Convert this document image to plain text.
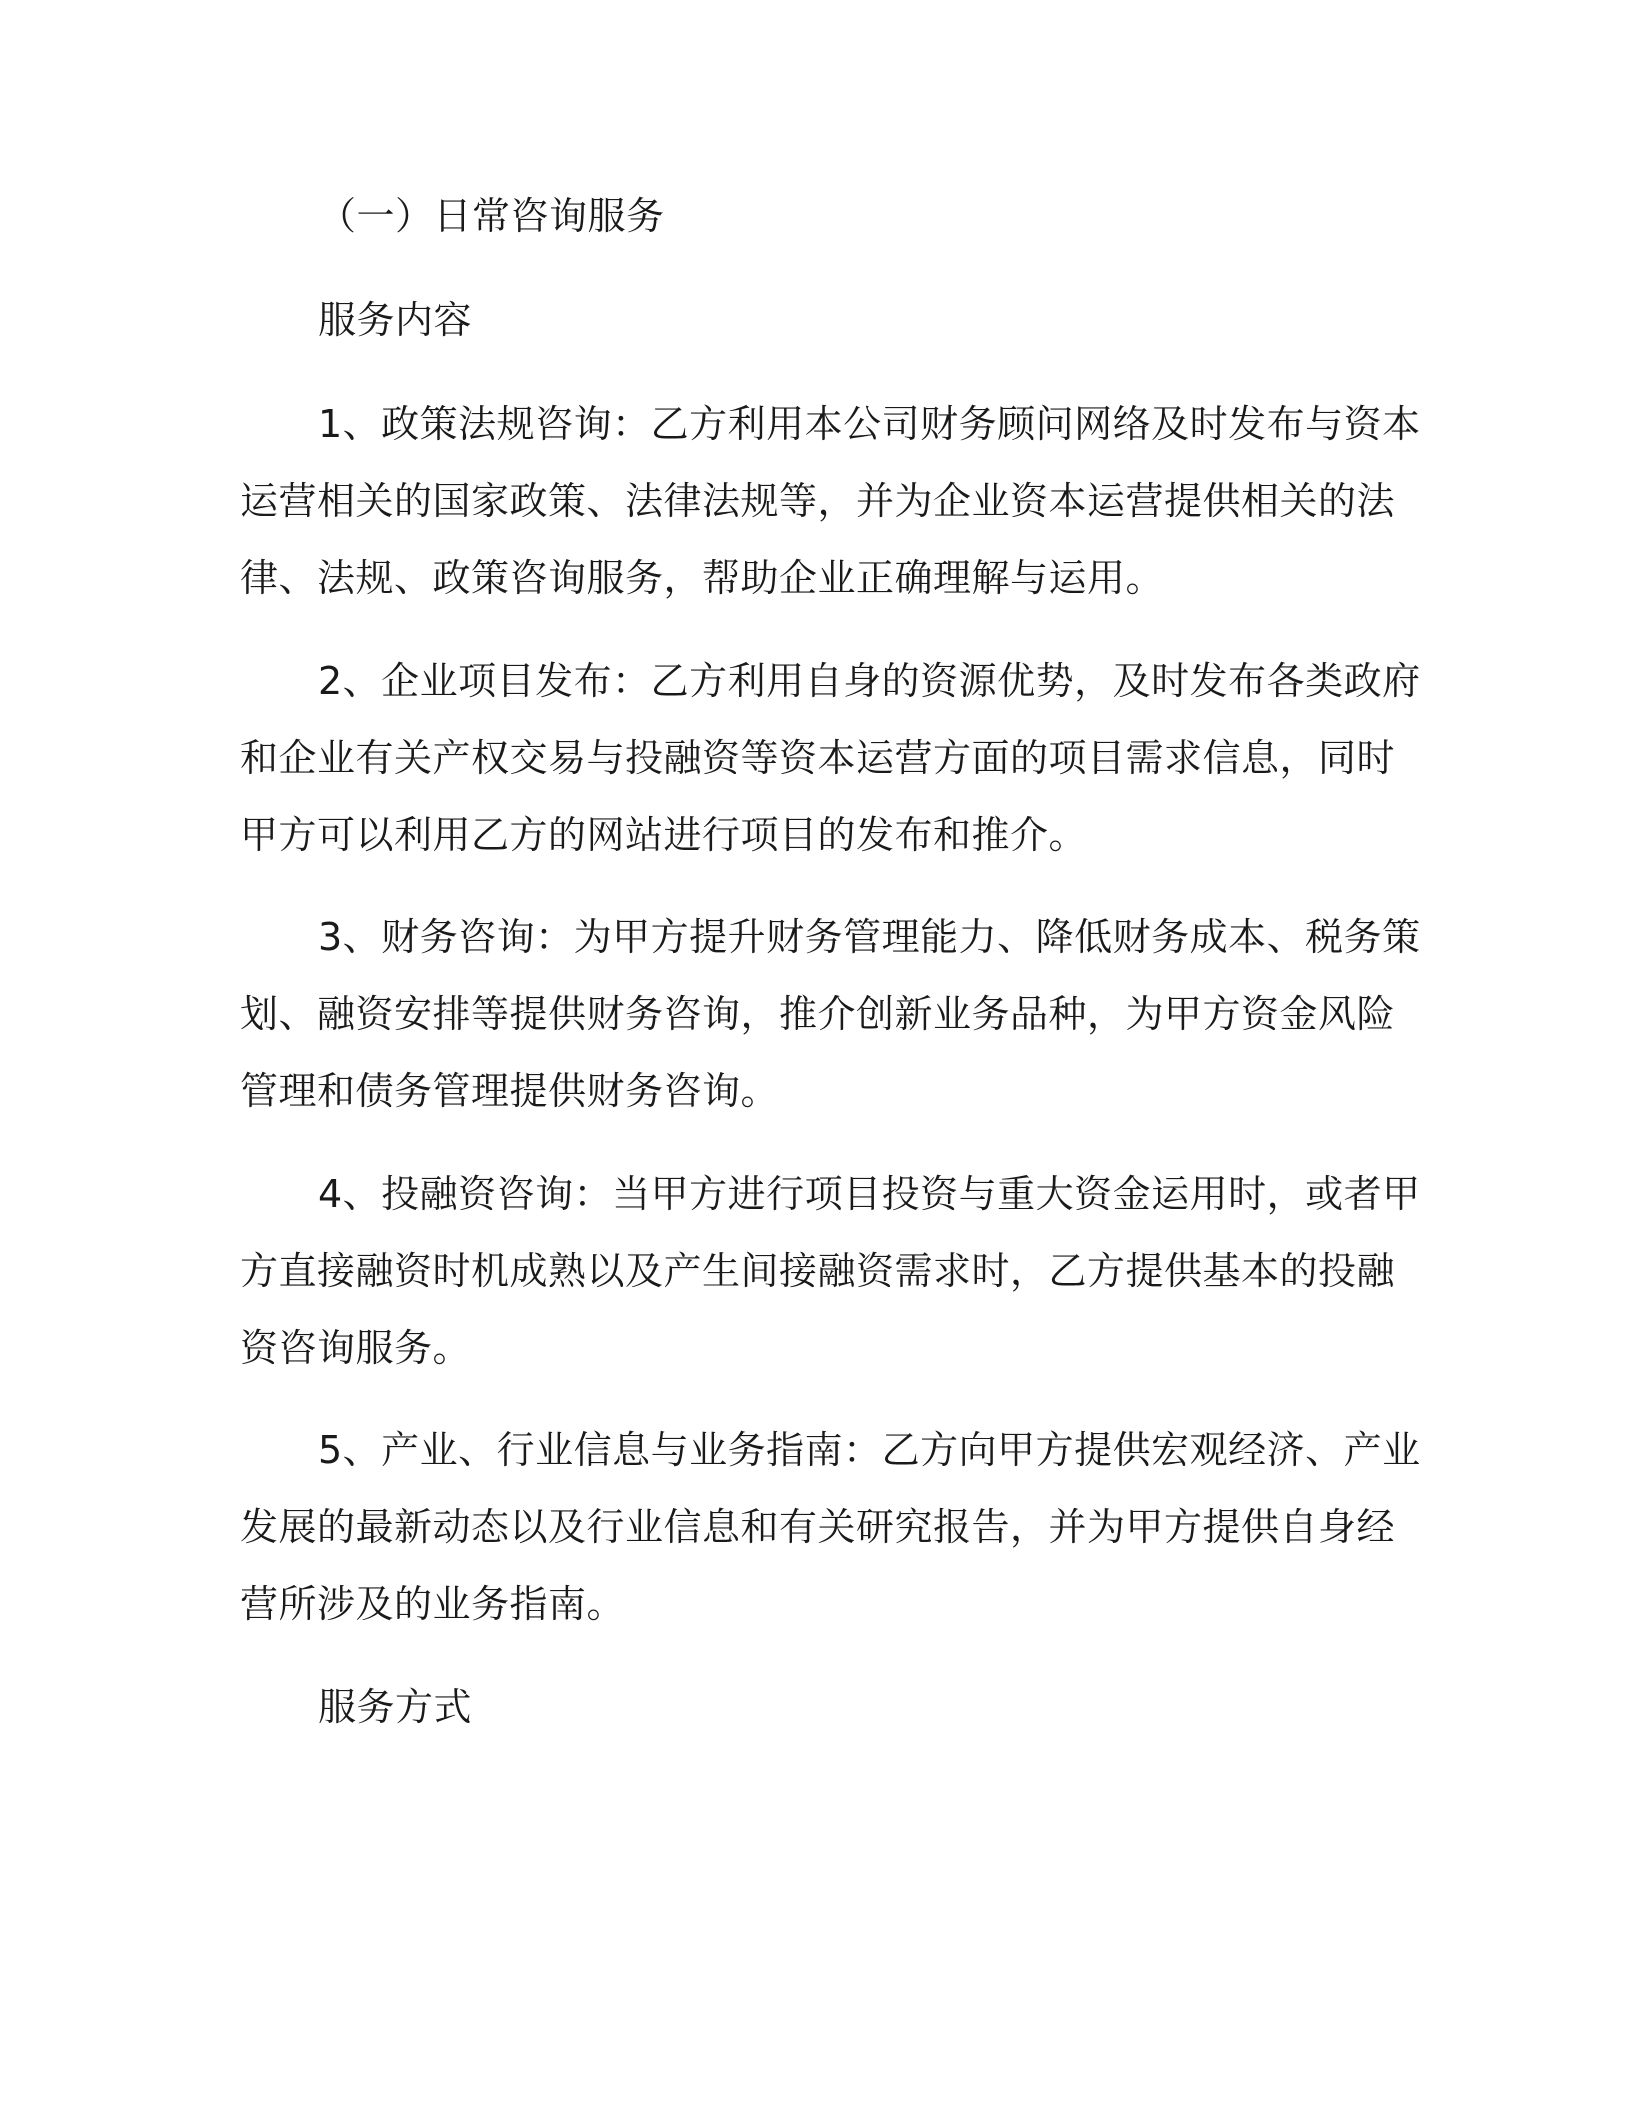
（一）日常咨询服务
服务内容
1、政策法规咨询：乙方利用本公司财务顾问网络及时发布与资本
运营相关的国家政策、法律法规等，并为企业资本运营提供相关的法
律、法规、政策咨询服务，帮助企业正确理解与运用。
2、企业项目发布：乙方利用自身的资源优势，及时发布各类政府
和企业有关产权交易与投融资等资本运营方面的项目需求信息，同时
甲方可以利用乙方的网站进行项目的发布和推介。
3、财务咨询：为甲方提升财务管理能力、降低财务成本、税务策
划、融资安排等提供财务咨询，推介创新业务品种，为甲方资金风险
管理和债务管理提供财务咨询。
4、投融资咨询：当甲方进行项目投资与重大资金运用时，或者甲
方直接融资时机成熟以及产生间接融资需求时，乙方提供基本的投融
资咨询服务。
5、产业、行业信息与业务指南：乙方向甲方提供宏观经济、产业
发展的最新动态以及行业信息和有关研究报告，并为甲方提供自身经
营所涉及的业务指南。
服务方式
